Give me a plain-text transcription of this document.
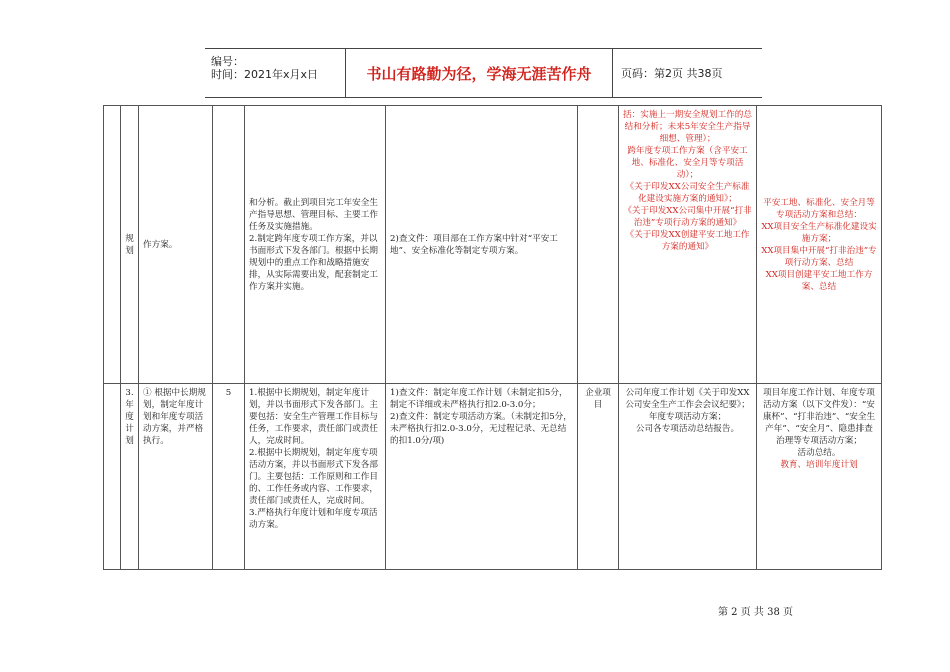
编号：
时间：2021年x月x日	书山有路勤为径，学海无涯苦作舟	页码：第2页 共38页
	规划	作方案。		和分析。截止到项目完工年安全生产指导思想、管理目标、主要工作任务及实施措施。
2.制定跨年度专项工作方案，并以书面形式下发各部门。根据中长期规划中的重点工作和战略措施安排，从实际需要出发，配套制定工作方案并实施。	2)查文件：项目部在工作方案中针对“平安工地”、安全标准化等制定专项方案。		括：实施上一期安全规划工作的总结和分析；未来5年安全生产指导细想、管理）；
跨年度专项工作方案（含平安工地、标准化、安全月等专项活动）；
《关于印发XX公司安全生产标准化建设实施方案的通知》；
《关于印发XX公司集中开展“打非治违”专项行动方案的通知》
《关于印发XX创建平安工地工作方案的通知》	平安工地、标准化、安全月等专项活动方案和总结：
XX项目安全生产标准化建设实施方案；
XX项目集中开展“打非治违”专项行动方案、总结
XX项目创建平安工地工作方案、总结

	3.年度计划	① 根据中长期规划，制定年度计划和年度专项活动方案，并严格执行。	5	1.根据中长期规划，制定年度计划，并以书面形式下发各部门。主要包括：安全生产管理工作目标与任务，工作要求，责任部门或责任人，完成时间。
2.根据中长期规划，制定年度专项活动方案，并以书面形式下发各部门。主要包括：工作原则和工作目的、工作任务或内容、工作要求，责任部门或责任人，完成时间。
3.严格执行年度计划和年度专项活动方案。	1)查文件：制定年度工作计划（未制定扣5分，制定不详细或未严格执行扣2.0-3.0分；
2)查文件：制定专项活动方案。（未制定扣5分，未严格执行扣2.0-3.0分，无过程记录、无总结的扣1.0分/项)	企业项目	公司年度工作计划《关于印发XX公司安全生产工作会会议纪要》；
年度专项活动方案；
公司各专项活动总结报告。	项目年度工作计划、年度专项活动方案（以下文件发）：“安康杯”、“打非治违”、“安全生产年”、“安全月”、隐患排查治理等专项活动方案；
活动总结。
教育、培训年度计划
第 2 页 共 38 页
